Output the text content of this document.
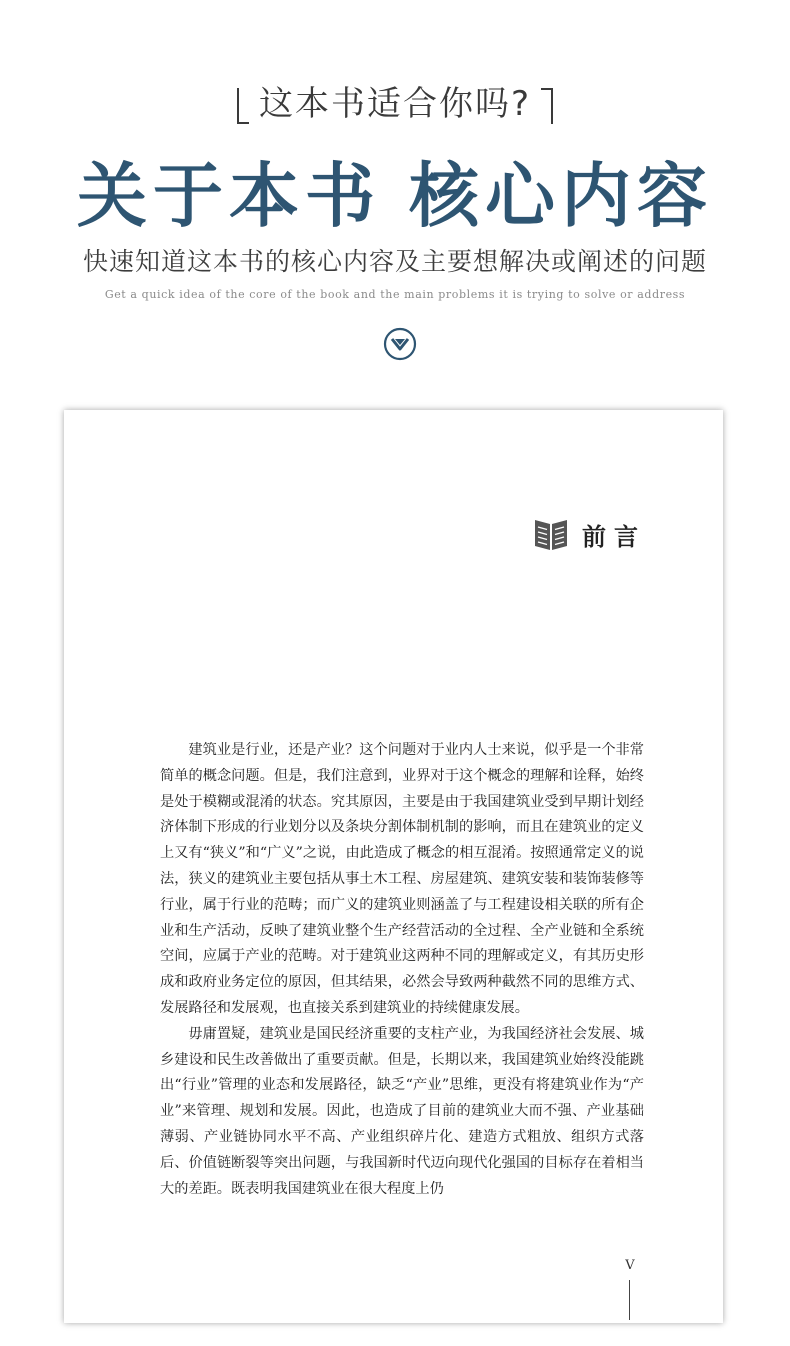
这本书适合你吗?
关于本书 核心内容
快速知道这本书的核心内容及主要想解决或阐述的问题
Get a quick idea of the core of the book and the main problems it is trying to solve or address
前言

建筑业是行业，还是产业？这个问题对于业内人士来说，似乎是一个非常简单的概念问题。但是，我们注意到，业界对于这个概念的理解和诠释，始终是处于模糊或混淆的状态。究其原因，主要是由于我国建筑业受到早期计划经济体制下形成的行业划分以及条块分割体制机制的影响，而且在建筑业的定义上又有“狭义”和“广义”之说，由此造成了概念的相互混淆。按照通常定义的说法，狭义的建筑业主要包括从事土木工程、房屋建筑、建筑安装和装饰装修等行业，属于行业的范畴；而广义的建筑业则涵盖了与工程建设相关联的所有企业和生产活动，反映了建筑业整个生产经营活动的全过程、全产业链和全系统空间，应属于产业的范畴。对于建筑业这两种不同的理解或定义，有其历史形成和政府业务定位的原因，但其结果，必然会导致两种截然不同的思维方式、发展路径和发展观，也直接关系到建筑业的持续健康发展。

毋庸置疑，建筑业是国民经济重要的支柱产业，为我国经济社会发展、城乡建设和民生改善做出了重要贡献。但是，长期以来，我国建筑业始终没能跳出“行业”管理的业态和发展路径，缺乏“产业”思维，更没有将建筑业作为“产业”来管理、规划和发展。因此，也造成了目前的建筑业大而不强、产业基础薄弱、产业链协同水平不高、产业组织碎片化、建造方式粗放、组织方式落后、价值链断裂等突出问题，与我国新时代迈向现代化强国的目标存在着相当大的差距。既表明我国建筑业在很大程度上仍

V
